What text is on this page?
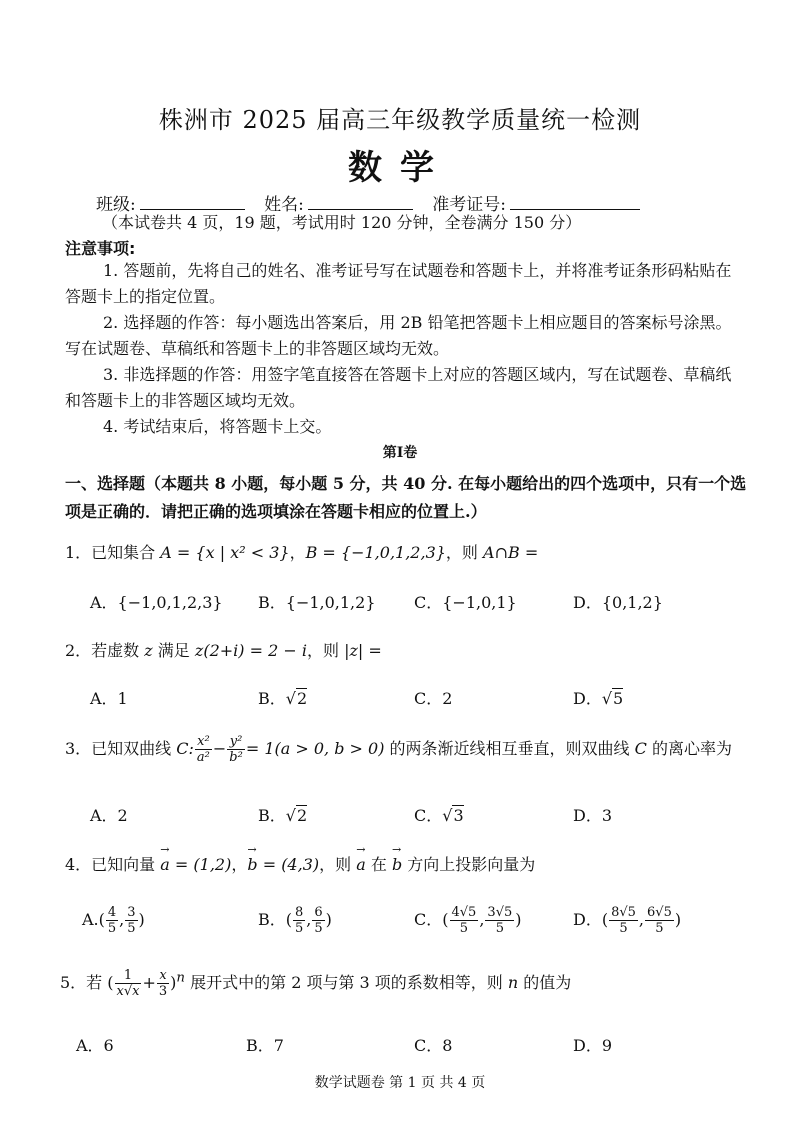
株洲市 2025 届高三年级教学质量统一检测
数学
班级:	姓名:	准考证号:
（本试卷共 4 页，19 题，考试用时 120 分钟，全卷满分 150 分）
注意事项:
1. 答题前，先将自己的姓名、准考证号写在试题卷和答题卡上，并将准考证条形码粘贴在答题卡上的指定位置。
2. 选择题的作答：每小题选出答案后，用 2B 铅笔把答题卡上相应题目的答案标号涂黑。写在试题卷、草稿纸和答题卡上的非答题区域均无效。
3. 非选择题的作答：用签字笔直接答在答题卡上对应的答题区域内，写在试题卷、草稿纸和答题卡上的非答题区域均无效。
4. 考试结束后，将答题卡上交。
第I卷
一、选择题（本题共 8 小题，每小题 5 分，共 40 分. 在每小题给出的四个选项中，只有一个选项是正确的．请把正确的选项填涂在答题卡相应的位置上.）
1．已知集合 A = {x | x² < 3}，B = {−1,0,1,2,3}，则 A∩B =
A．{−1,0,1,2,3} B．{−1,0,1,2} C．{−1,0,1}	D．{0,1,2}
2．若虚数 z 满足 z(2+i) = 2 − i，则 |z| =
A．1	B．√2	C．2	D．√5
3．已知双曲线 C: $\frac{\text{x²}}{\text{a²}} - \frac{\text{y²}}{\text{b²}} = 1(a > 0$, b > 0) 的两条渐近线相互垂直，则双曲线 C 的离心率为
A．2	B．√2	C．√3	D．3
4．已知向量 → a = (1,2)，→ b = (4,3)，则 → a 在 → b 方向上投影向量为
$A.( \frac{4}{5}$ , $\frac{3}{5}$ )	B．( $\frac{8}{5}$ , $\frac{6}{5}$ )	C．( $\frac{4√5}{5}$ , $\frac{3√5}{5}$ )	D．( $\frac{8√5}{5}$ , $\frac{6√5}{5}$ )
5．若 ( $\frac{1}{x√x} + \frac{x}{3} )^n$ 展开式中的第 2 项与第 3 项的系数相等，则 n 的值为
A．6	B．7	C．8	D．9
数学试题卷 第 1 页 共 4 页
